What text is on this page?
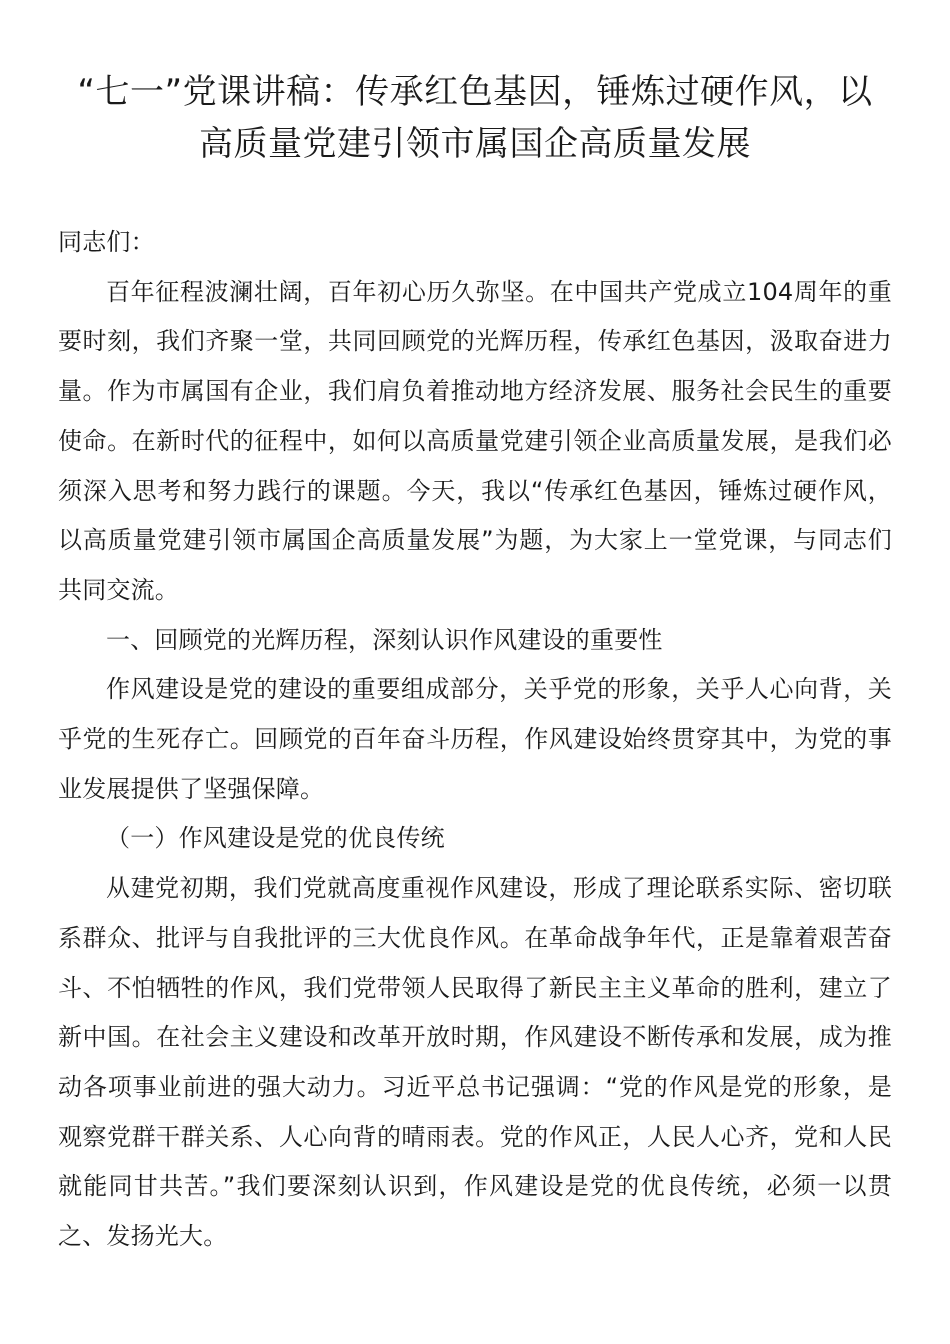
“七一”党课讲稿：传承红色基因，锤炼过硬作风，以
高质量党建引领市属国企高质量发展

同志们：

百年征程波澜壮阔，百年初心历久弥坚。在中国共产党成立104周年的重要时刻，我们齐聚一堂，共同回顾党的光辉历程，传承红色基因，汲取奋进力量。作为市属国有企业，我们肩负着推动地方经济发展、服务社会民生的重要使命。在新时代的征程中，如何以高质量党建引领企业高质量发展，是我们必须深入思考和努力践行的课题。今天，我以“传承红色基因，锤炼过硬作风，以高质量党建引领市属国企高质量发展”为题，为大家上一堂党课，与同志们共同交流。

一、回顾党的光辉历程，深刻认识作风建设的重要性

作风建设是党的建设的重要组成部分，关乎党的形象，关乎人心向背，关乎党的生死存亡。回顾党的百年奋斗历程，作风建设始终贯穿其中，为党的事业发展提供了坚强保障。

（一）作风建设是党的优良传统

从建党初期，我们党就高度重视作风建设，形成了理论联系实际、密切联系群众、批评与自我批评的三大优良作风。在革命战争年代，正是靠着艰苦奋斗、不怕牺牲的作风，我们党带领人民取得了新民主主义革命的胜利，建立了新中国。在社会主义建设和改革开放时期，作风建设不断传承和发展，成为推动各项事业前进的强大动力。习近平总书记强调：“党的作风是党的形象，是观察党群干群关系、人心向背的晴雨表。党的作风正，人民人心齐，党和人民就能同甘共苦。”我们要深刻认识到，作风建设是党的优良传统，必须一以贯之、发扬光大。
